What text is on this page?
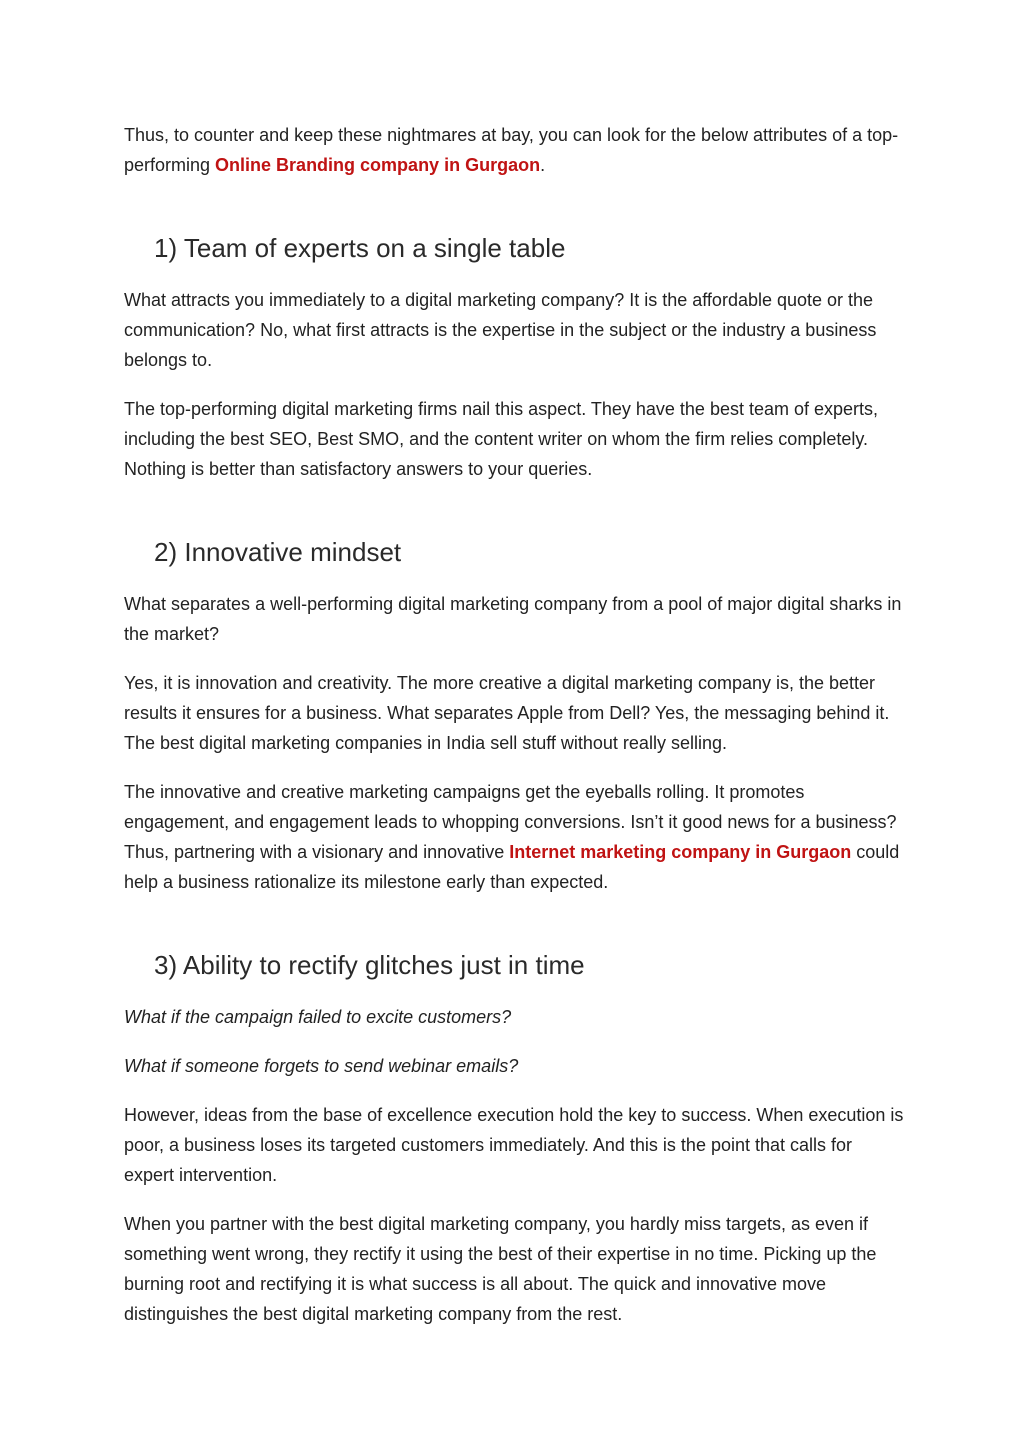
Thus, to counter and keep these nightmares at bay, you can look for the below attributes of a top-performing Online Branding company in Gurgaon.

1) Team of experts on a single table

What attracts you immediately to a digital marketing company? It is the affordable quote or the communication? No, what first attracts is the expertise in the subject or the industry a business belongs to.

The top-performing digital marketing firms nail this aspect. They have the best team of experts, including the best SEO, Best SMO, and the content writer on whom the firm relies completely. Nothing is better than satisfactory answers to your queries.

2) Innovative mindset

What separates a well-performing digital marketing company from a pool of major digital sharks in the market?

Yes, it is innovation and creativity. The more creative a digital marketing company is, the better results it ensures for a business. What separates Apple from Dell? Yes, the messaging behind it. The best digital marketing companies in India sell stuff without really selling.

The innovative and creative marketing campaigns get the eyeballs rolling. It promotes engagement, and engagement leads to whopping conversions. Isn’t it good news for a business? Thus, partnering with a visionary and innovative Internet marketing company in Gurgaon could help a business rationalize its milestone early than expected.

3) Ability to rectify glitches just in time

What if the campaign failed to excite customers?

What if someone forgets to send webinar emails?

However, ideas from the base of excellence execution hold the key to success. When execution is poor, a business loses its targeted customers immediately. And this is the point that calls for expert intervention.

When you partner with the best digital marketing company, you hardly miss targets, as even if something went wrong, they rectify it using the best of their expertise in no time. Picking up the burning root and rectifying it is what success is all about. The quick and innovative move distinguishes the best digital marketing company from the rest.
